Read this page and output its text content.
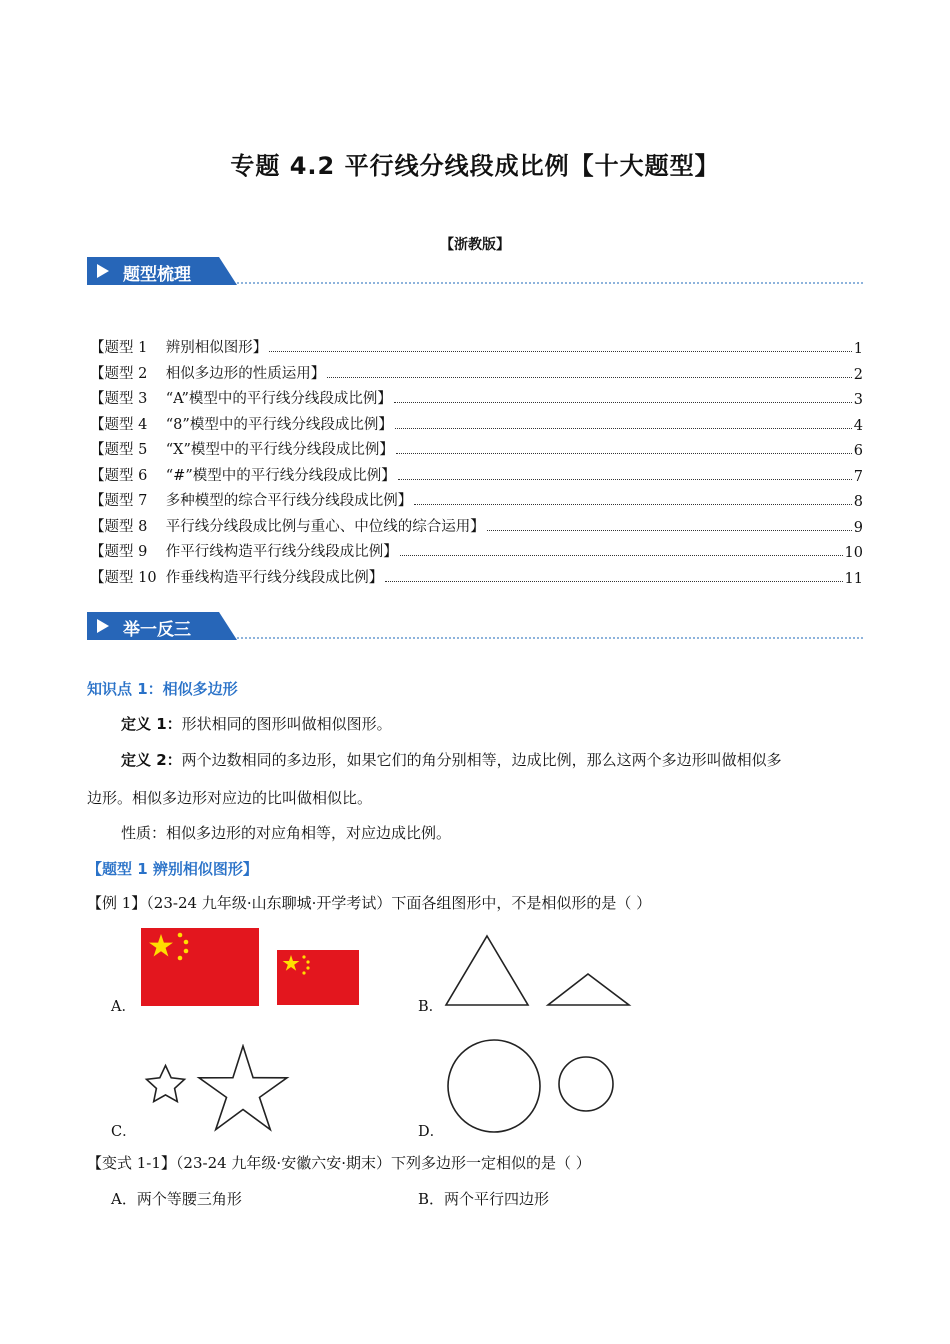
专题 4.2 平行线分线段成比例【十大题型】
【浙教版】
题型梳理
【题型 1    辨别相似图形】	1
【题型 2    相似多边形的性质运用】	2
【题型 3    “A”模型中的平行线分线段成比例】	3
【题型 4    “8”模型中的平行线分线段成比例】	4
【题型 5    “X”模型中的平行线分线段成比例】	6
【题型 6    “#”模型中的平行线分线段成比例】	7
【题型 7    多种模型的综合平行线分线段成比例】	8
【题型 8    平行线分线段成比例与重心、中位线的综合运用】	9
【题型 9    作平行线构造平行线分线段成比例】	10
【题型 10  作垂线构造平行线分线段成比例】	11
举一反三
知识点 1：相似多边形
定义 1：形状相同的图形叫做相似图形。
定义 2：两个边数相同的多边形，如果它们的角分别相等，边成比例，那么这两个多边形叫做相似多
边形。相似多边形对应边的比叫做相似比。
性质：相似多边形的对应角相等，对应边成比例。
【题型 1 辨别相似图形】
【例 1】（23-24 九年级·山东聊城·开学考试）下面各组图形中，不是相似形的是（ ）
A．	B．
C．	D．
【变式 1-1】（23-24 九年级·安徽六安·期末）下列多边形一定相似的是（ ）
A．两个等腰三角形	B．两个平行四边形
